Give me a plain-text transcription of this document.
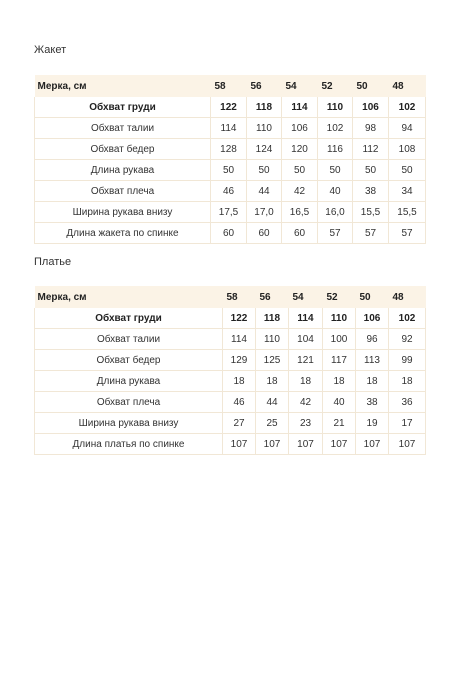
Жакет
Мерка, см	58	56	54	52	50	48
Обхват груди	122	118	114	110	106	102
Обхват талии	114	110	106	102	98	94
Обхват бедер	128	124	120	116	112	108
Длина рукава	50	50	50	50	50	50
Обхват плеча	46	44	42	40	38	34
Ширина рукава внизу	17,5	17,0	16,5	16,0	15,5	15,5
Длина жакета по спинке	60	60	60	57	57	57
Платье
Мерка, см	58	56	54	52	50	48
Обхват груди	122	118	114	110	106	102
Обхват талии	114	110	104	100	96	92
Обхват бедер	129	125	121	117	113	99
Длина рукава	18	18	18	18	18	18
Обхват плеча	46	44	42	40	38	36
Ширина рукава внизу	27	25	23	21	19	17
Длина платья по спинке	107	107	107	107	107	107
